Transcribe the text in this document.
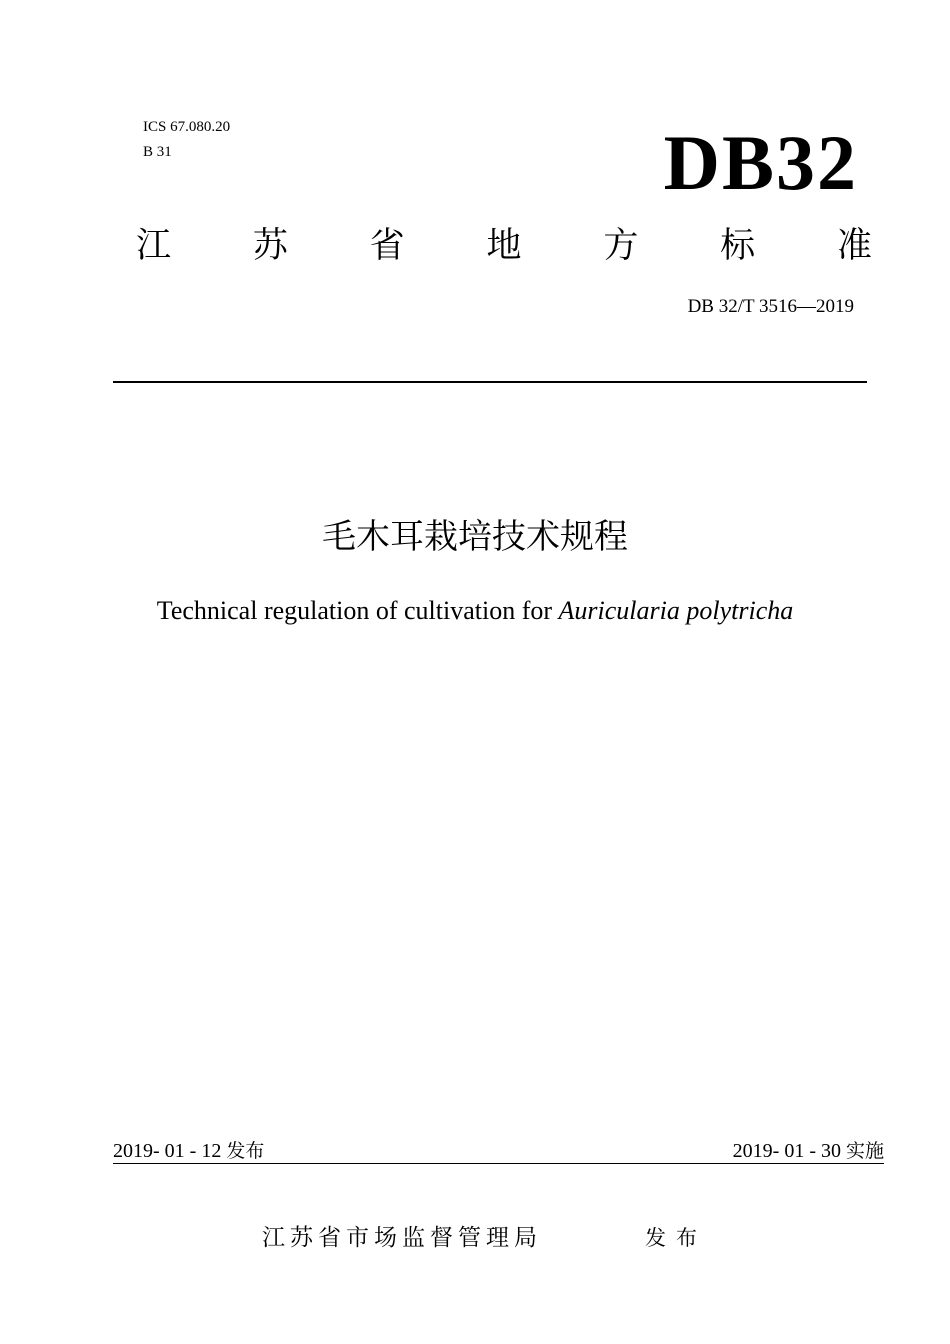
ICS 67.080.20
B 31	DB32
江 苏 省 地 方 标 准
DB 32/T 3516—2019
毛木耳栽培技术规程
Technical regulation of cultivation for Auricularia polytricha
2019- 01 - 12 发布	2019- 01 - 30 实施
江苏省市场监督管理局	发布
